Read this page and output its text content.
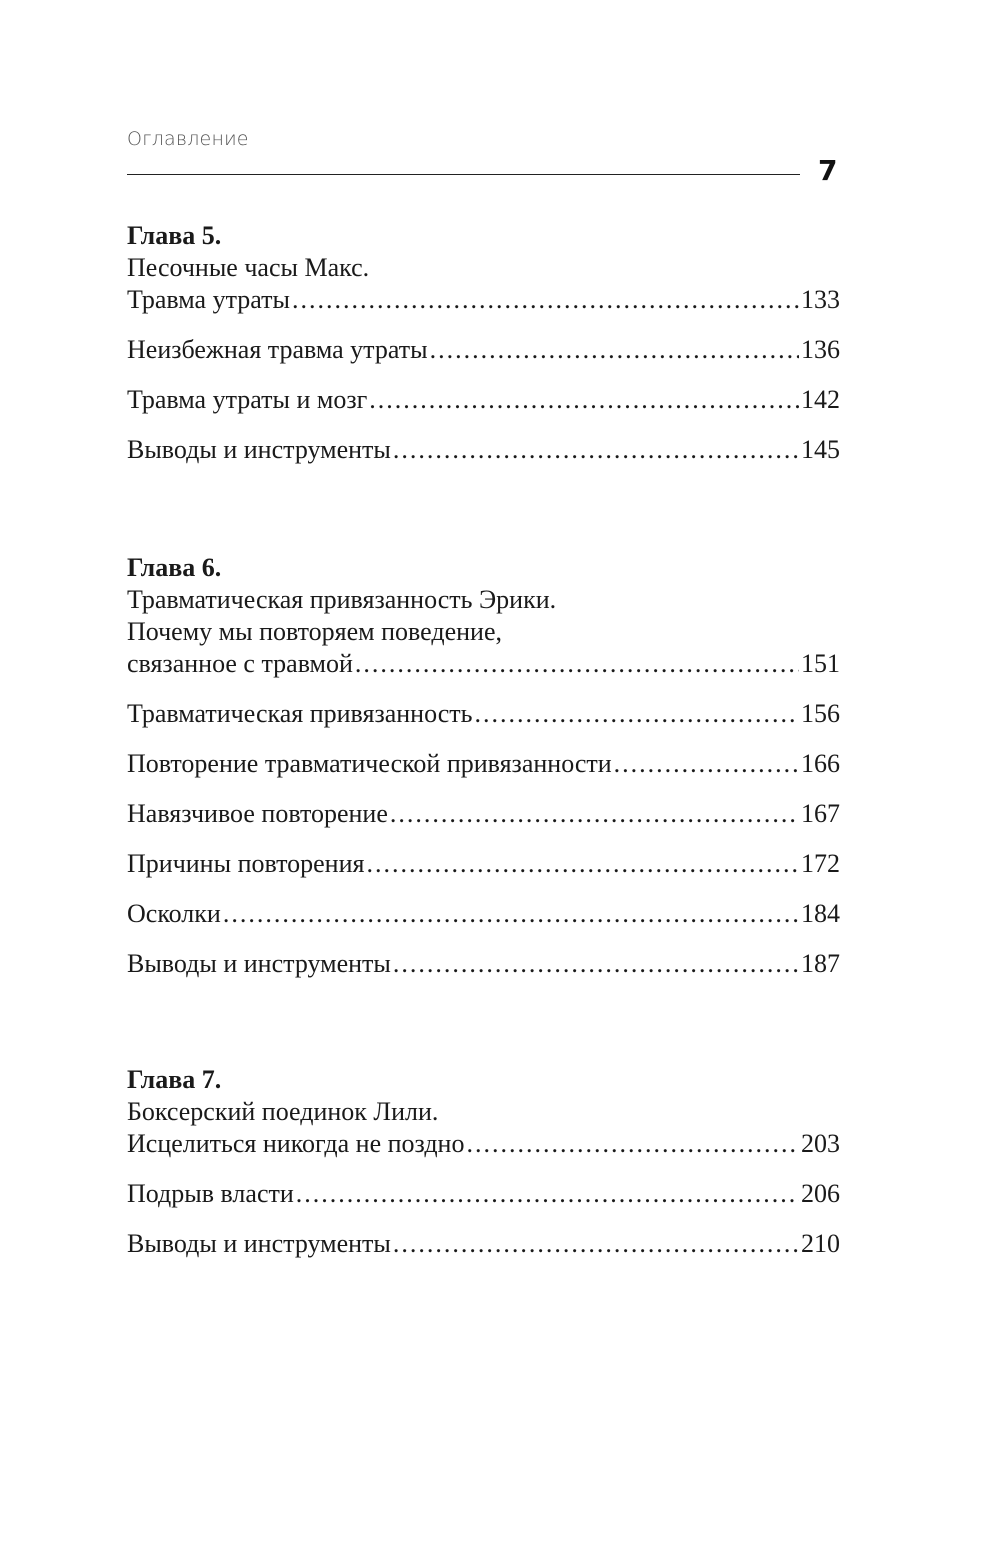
Оглавление
7
Глава 5.
Песочные часы Макс.
Травма утраты .....	133
Неизбежная травма утраты .....	136
Травма утраты и мозг .....	142
Выводы и инструменты .....	145
Глава 6.
Травматическая привязанность Эрики.
Почему мы повторяем поведение,
связанное с травмой .....	151
Травматическая привязанность .....	156
Повторение травматической привязанности .....	166
Навязчивое повторение .....	167
Причины повторения .....	172
Осколки .....	184
Выводы и инструменты .....	187
Глава 7.
Боксерский поединок Лили.
Исцелиться никогда не поздно .....	203
Подрыв власти .....	206
Выводы и инструменты .....	210
